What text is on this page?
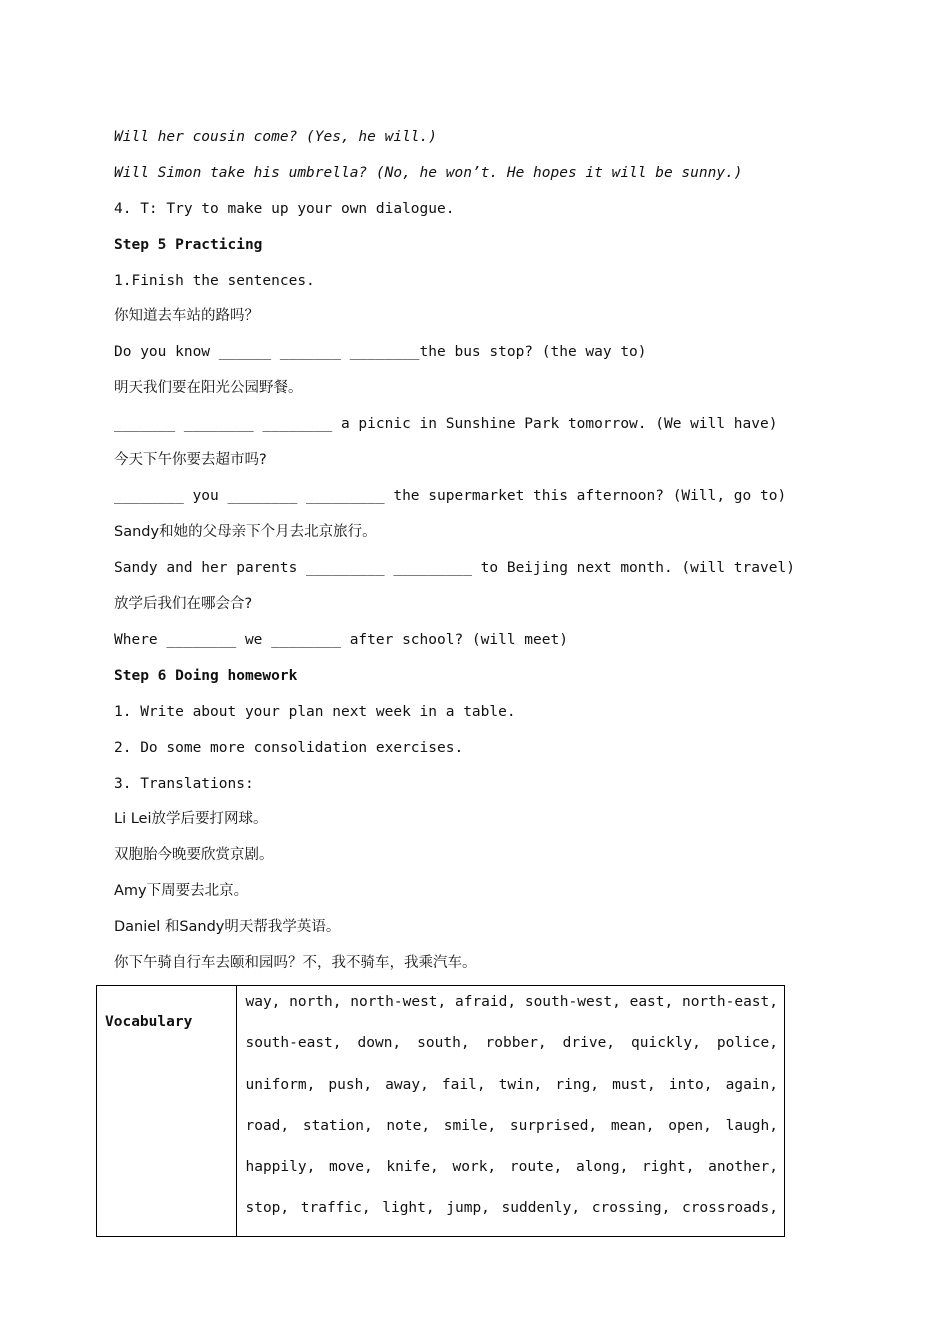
Will her cousin come? (Yes, he will.)
Will Simon take his umbrella? (No, he won’t. He hopes it will be sunny.)
4. T: Try to make up your own dialogue.
Step 5 Practicing
1.Finish the sentences.
你知道去车站的路吗？
Do you know ______ _______ ________the bus stop? (the way to)
明天我们要在阳光公园野餐。
_______ ________ ________ a picnic in Sunshine Park tomorrow. (We will have)
今天下午你要去超市吗?
________ you ________ _________ the supermarket this afternoon? (Will, go to)
Sandy和她的父母亲下个月去北京旅行。
Sandy and her parents _________ _________ to Beijing next month. (will travel)
放学后我们在哪会合?
Where ________ we ________ after school? (will meet)
Step 6 Doing homework
1. Write about your plan next week in a table.
2. Do some more consolidation exercises.
3. Translations:
Li Lei放学后要打网球。
双胞胎今晚要欣赏京剧。
Amy下周要去北京。
Daniel 和Sandy明天帮我学英语。
你下午骑自行车去颐和园吗？不，我不骑车，我乘汽车。
Vocabulary	
way, north, north-west, afraid, south-west, east, north-east,
south-east, down, south, robber, drive, quickly, police,
uniform, push, away, fail, twin, ring, must, into, again,
road, station, note, smile, surprised, mean, open, laugh,
happily, move, knife, work, route, along, right, another,
stop, traffic, light, jump, suddenly, crossing, crossroads,
